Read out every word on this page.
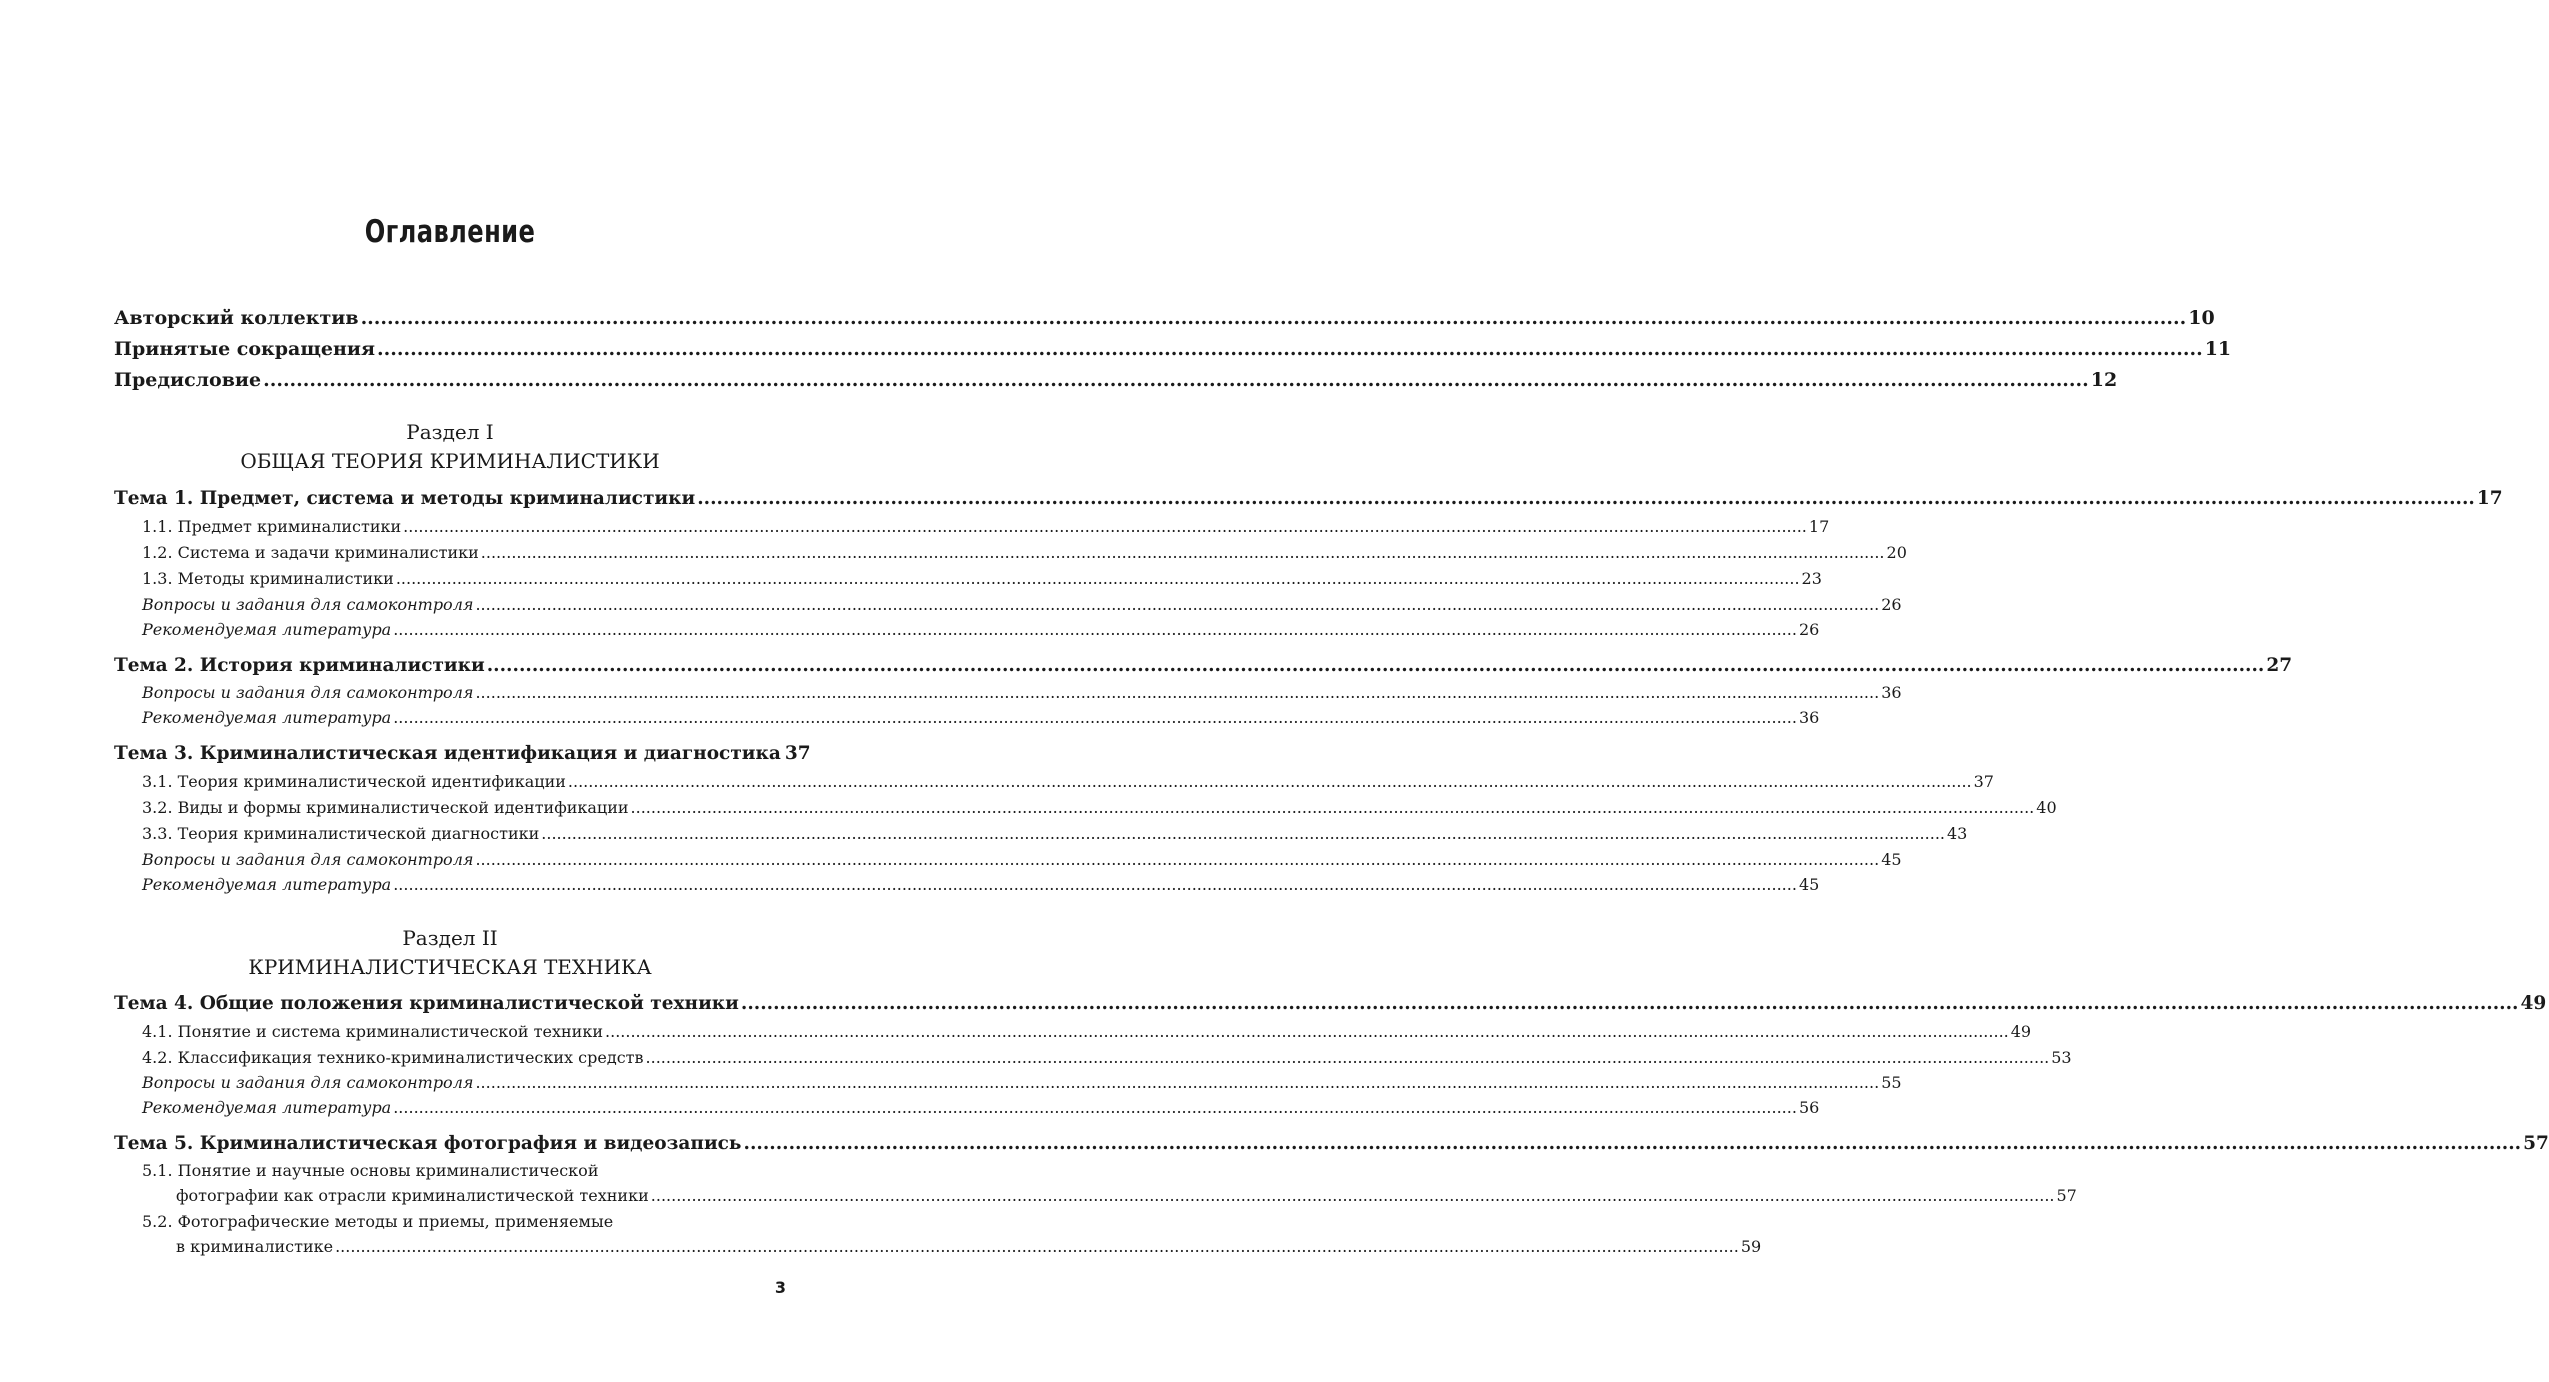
Оглавление
Авторский коллектив .....	10
Принятые сокращения .....	11
Предисловие .....	12
Раздел I
ОБЩАЯ ТЕОРИЯ КРИМИНАЛИСТИКИ
Тема 1. Предмет, система и методы криминалистики .....	17
1.1. Предмет криминалистики .....	17
1.2. Система и задачи криминалистики .....	20
1.3. Методы криминалистики .....	23
Вопросы и задания для самоконтроля .....	26
Рекомендуемая литература .....	26
Тема 2. История криминалистики .....	27
Вопросы и задания для самоконтроля .....	36
Рекомендуемая литература .....	36
Тема 3. Криминалистическая идентификация и диагностика 37
3.1. Теория криминалистической идентификации .....	37
3.2. Виды и формы криминалистической идентификации .....	40
3.3. Теория криминалистической диагностики .....	43
Вопросы и задания для самоконтроля .....	45
Рекомендуемая литература .....	45
Раздел II
КРИМИНАЛИСТИЧЕСКАЯ ТЕХНИКА
Тема 4. Общие положения криминалистической техники .....	49
4.1. Понятие и система криминалистической техники .....	49
4.2. Классификация технико-криминалистических средств .....	53
Вопросы и задания для самоконтроля .....	55
Рекомендуемая литература .....	56
Тема 5. Криминалистическая фотография и видеозапись .....	57
5.1. Понятие и научные основы криминалистической
фотографии как отрасли криминалистической техники .....	57
5.2. Фотографические методы и приемы, применяемые
в криминалистике .....	59
3
